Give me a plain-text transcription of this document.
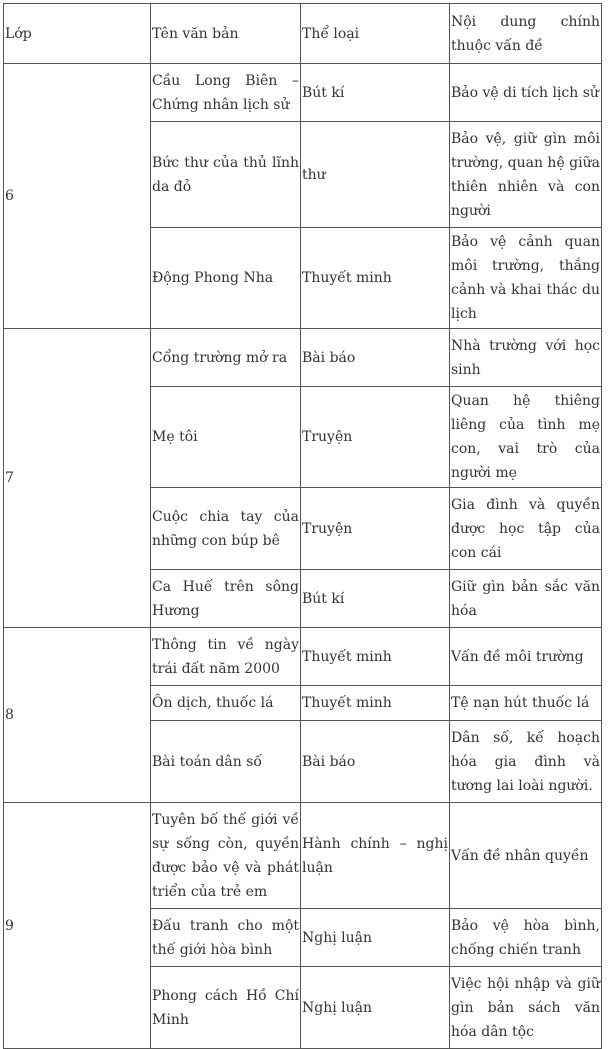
Lớp	Tên văn bản	Thể loại	Nội dung chính thuộc vấn đề
6	Cầu Long Biên – Chứng nhân lịch sử	Bút kí	Bảo vệ di tích lịch sử
	Bức thư của thủ lĩnh da đỏ	thư	Bảo vệ, giữ gìn môi trường, quan hệ giữa thiên nhiên và con người
	Động Phong Nha	Thuyết minh	Bảo vệ cảnh quan môi trường, thắng cảnh và khai thác du lịch
7	Cổng trường mở ra	Bài báo	Nhà trường với học sinh
	Mẹ tôi	Truyện	Quan hệ thiêng liêng của tình mẹ con, vai trò của người mẹ
	Cuộc chia tay của những con búp bê	Truyện	Gia đình và quyền được học tập của con cái
	Ca Huế trên sông Hương	Bút kí	Giữ gìn bản sắc văn hóa
8	Thông tin về ngày trái đất năm 2000	Thuyết minh	Vấn đề môi trường
	Ôn dịch, thuốc lá	Thuyết minh	Tệ nạn hút thuốc lá
	Bài toán dân số	Bài báo	Dân số, kế hoạch hóa gia đình và tương lai loài người.
9	Tuyên bố thế giới về sự sống còn, quyền được bảo vệ và phát triển của trẻ em	Hành chính – nghị luận	Vấn đề nhân quyền
	Đấu tranh cho một thế giới hòa bình	Nghị luận	Bảo vệ hòa bình, chống chiến tranh
	Phong cách Hồ Chí Minh	Nghị luận	Việc hội nhập và giữ gìn bản sách văn hóa dân tộc
